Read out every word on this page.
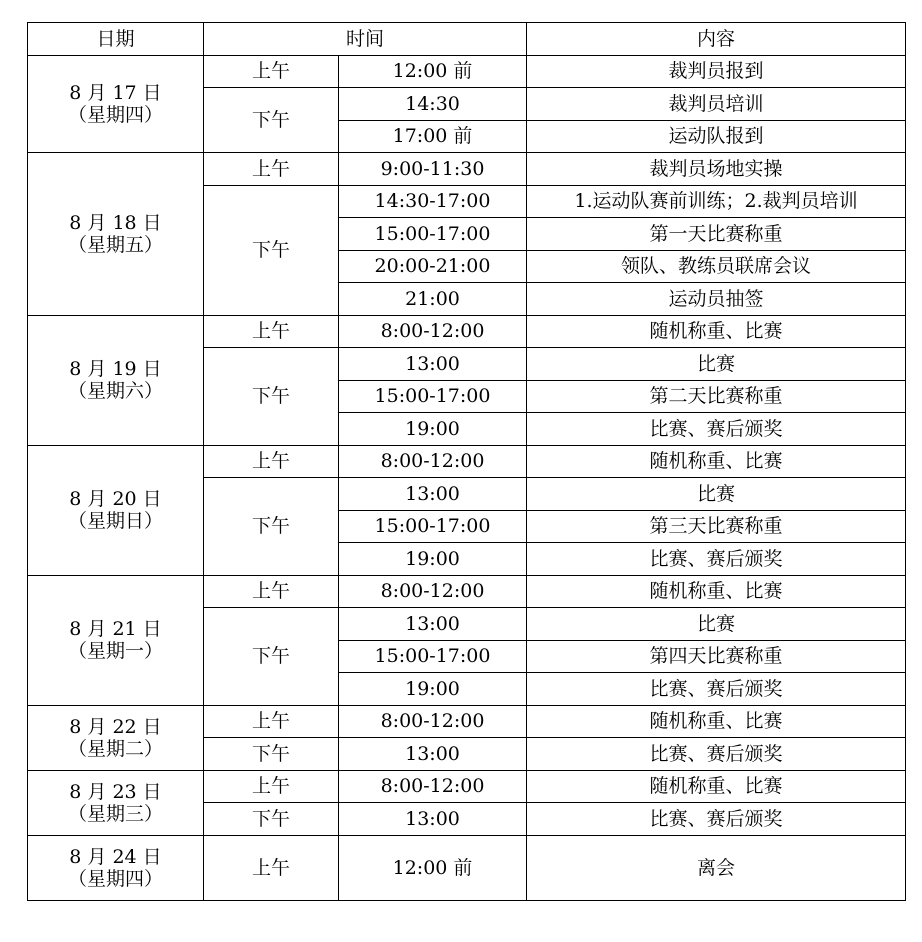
日期	时间		内容

8 月 17 日
（星期四）	上午	12:00 前	裁判员报到
	下午	14:30	裁判员培训
		17:00 前	运动队报到

8 月 18 日
（星期五）	上午	9:00-11:30	裁判员场地实操
	下午	14:30-17:00	1.运动队赛前训练；2.裁判员培训
		15:00-17:00	第一天比赛称重
		20:00-21:00	领队、教练员联席会议
		21:00	运动员抽签

8 月 19 日
（星期六）	上午	8:00-12:00	随机称重、比赛
	下午	13:00	比赛
		15:00-17:00	第二天比赛称重
		19:00	比赛、赛后颁奖

8 月 20 日
（星期日）	上午	8:00-12:00	随机称重、比赛
	下午	13:00	比赛
		15:00-17:00	第三天比赛称重
		19:00	比赛、赛后颁奖

8 月 21 日
（星期一）	上午	8:00-12:00	随机称重、比赛
	下午	13:00	比赛
		15:00-17:00	第四天比赛称重
		19:00	比赛、赛后颁奖

8 月 22 日
（星期二）	上午	8:00-12:00	随机称重、比赛
	下午	13:00	比赛、赛后颁奖

8 月 23 日
（星期三）	上午	8:00-12:00	随机称重、比赛
	下午	13:00	比赛、赛后颁奖

8 月 24 日
（星期四）	上午	12:00 前	离会
